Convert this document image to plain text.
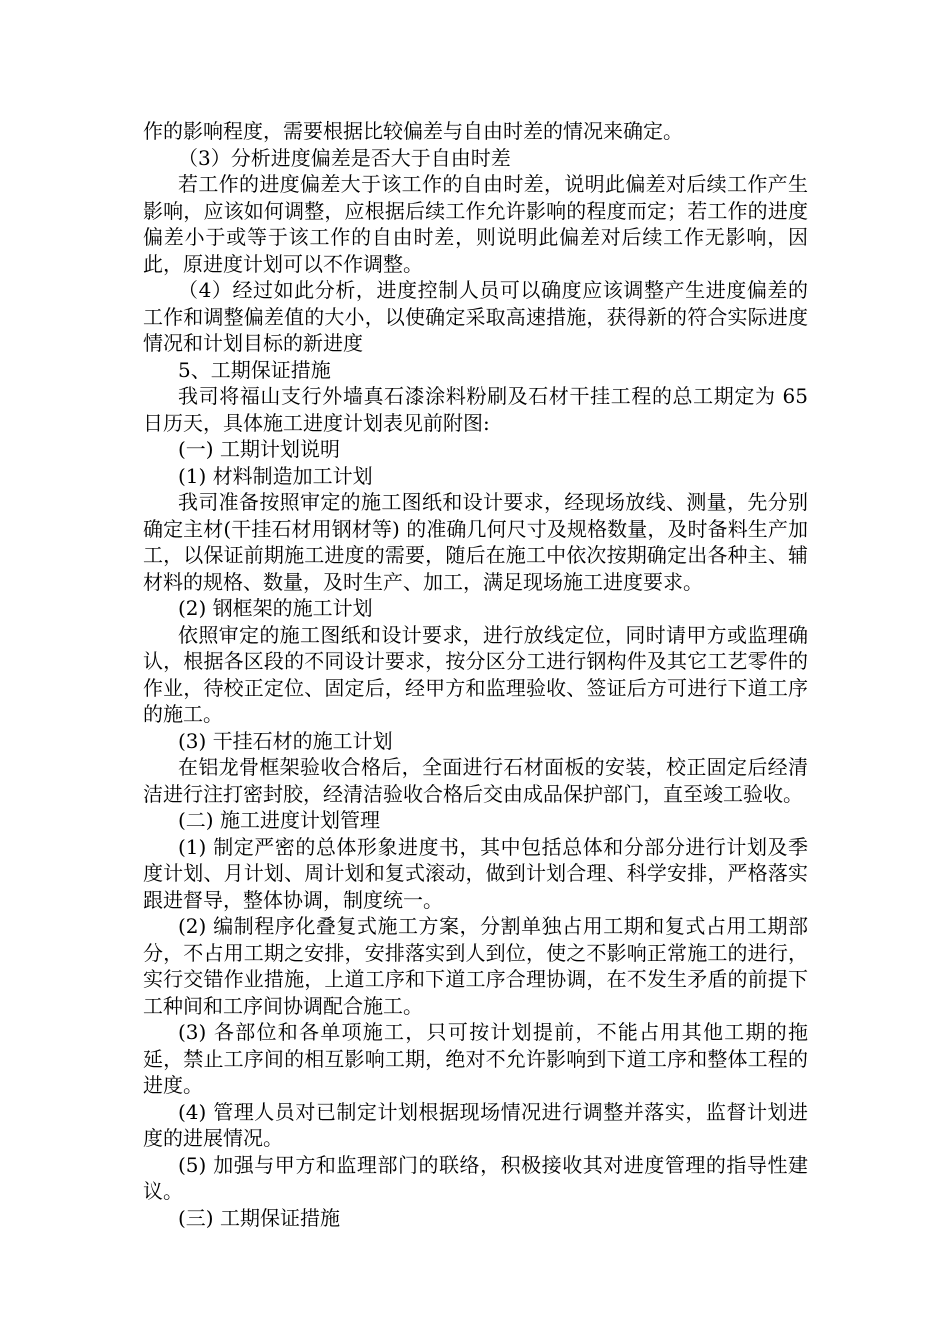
作的影响程度，需要根据比较偏差与自由时差的情况来确定。

（3）分析进度偏差是否大于自由时差

若工作的进度偏差大于该工作的自由时差，说明此偏差对后续工作产生影响，应该如何调整，应根据后续工作允许影响的程度而定；若工作的进度偏差小于或等于该工作的自由时差，则说明此偏差对后续工作无影响，因此，原进度计划可以不作调整。

（4）经过如此分析，进度控制人员可以确度应该调整产生进度偏差的工作和调整偏差值的大小，以使确定采取高速措施，获得新的符合实际进度情况和计划目标的新进度

5、工期保证措施

我司将福山支行外墙真石漆涂料粉刷及石材干挂工程的总工期定为 65 日历天，具体施工进度计划表见前附图:

(一) 工期计划说明

(1) 材料制造加工计划

我司准备按照审定的施工图纸和设计要求，经现场放线、测量，先分别确定主材(干挂石材用钢材等) 的准确几何尺寸及规格数量，及时备料生产加工，以保证前期施工进度的需要，随后在施工中依次按期确定出各种主、辅材料的规格、数量，及时生产、加工，满足现场施工进度要求。

(2) 钢框架的施工计划

依照审定的施工图纸和设计要求，进行放线定位，同时请甲方或监理确认，根据各区段的不同设计要求，按分区分工进行钢构件及其它工艺零件的作业，待校正定位、固定后，经甲方和监理验收、签证后方可进行下道工序的施工。

(3) 干挂石材的施工计划

在铝龙骨框架验收合格后，全面进行石材面板的安装，校正固定后经清洁进行注打密封胶，经清洁验收合格后交由成品保护部门，直至竣工验收。

(二) 施工进度计划管理

(1) 制定严密的总体形象进度书，其中包括总体和分部分进行计划及季度计划、月计划、周计划和复式滚动，做到计划合理、科学安排，严格落实跟进督导，整体协调，制度统一。

(2) 编制程序化叠复式施工方案，分割单独占用工期和复式占用工期部分，不占用工期之安排，安排落实到人到位，使之不影响正常施工的进行，实行交错作业措施，上道工序和下道工序合理协调，在不发生矛盾的前提下工种间和工序间协调配合施工。

(3) 各部位和各单项施工，只可按计划提前，不能占用其他工期的拖延，禁止工序间的相互影响工期，绝对不允许影响到下道工序和整体工程的进度。

(4) 管理人员对已制定计划根据现场情况进行调整并落实，监督计划进度的进展情况。

(5) 加强与甲方和监理部门的联络，积极接收其对进度管理的指导性建议。

(三) 工期保证措施
